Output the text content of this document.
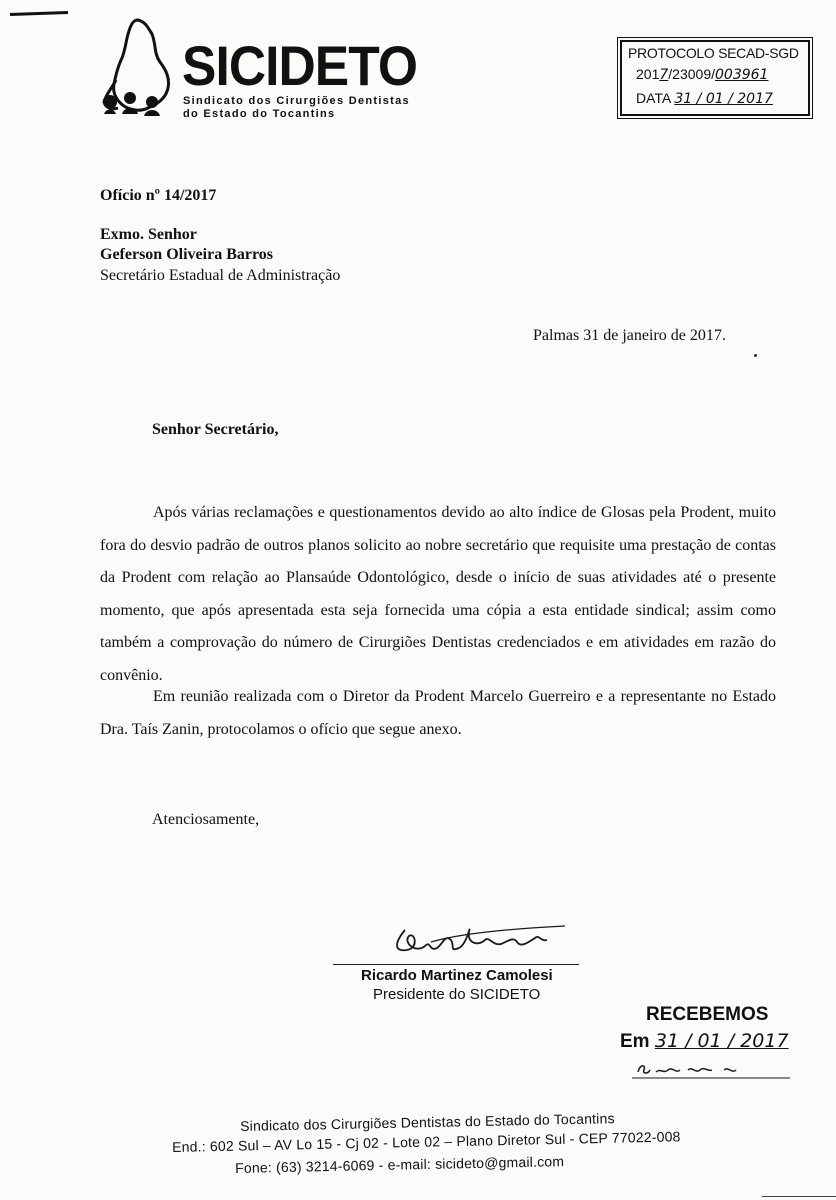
SICIDETO
Sindicato dos Cirurgiões Dentistas
do Estado do Tocantins
PROTOCOLO SECAD-SGD
2017/23009/003961
DATA 31 / 01 / 2017
Ofício nº 14/2017
Exmo. Senhor
Geferson Oliveira Barros
Secretário Estadual de Administração
Palmas 31 de janeiro de 2017.
Senhor Secretário,
Após várias reclamações e questionamentos devido ao alto índice de Glosas pela Prodent, muito fora do desvio padrão de outros planos solicito ao nobre secretário que requisite uma prestação de contas da Prodent com relação ao Plansaúde Odontológico, desde o início de suas atividades até o presente momento, que após apresentada esta seja fornecida uma cópia a esta entidade sindical; assim como também a comprovação do número de Cirurgiões Dentistas credenciados e em atividades em razão do convênio.
Em reunião realizada com o Diretor da Prodent Marcelo Guerreiro e a representante no Estado Dra. Taís Zanin, protocolamos o ofício que segue anexo.
Atenciosamente,
Ricardo Martinez Camolesi
Presidente do SICIDETO
RECEBEMOS
Em 31 / 01 / 2017
Sindicato dos Cirurgiões Dentistas do Estado do Tocantins
End.: 602 Sul – AV Lo 15 - Cj 02 - Lote 02 – Plano Diretor Sul - CEP 77022-008
Fone: (63) 3214-6069 - e-mail: sicideto@gmail.com
